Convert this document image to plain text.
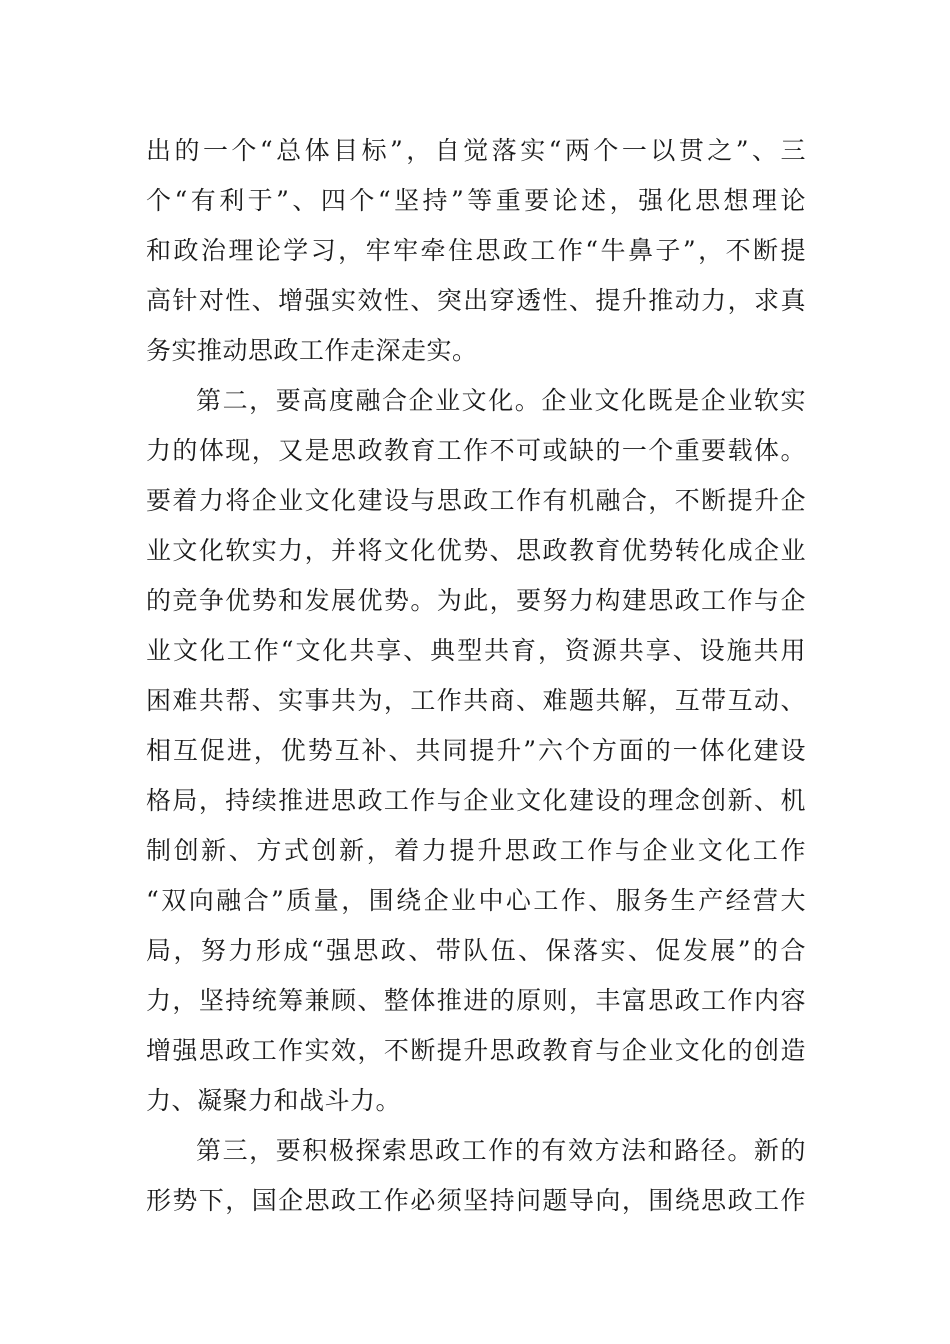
出的一个“总体目标”，自觉落实“两个一以贯之”、三
个“有利于”、四个“坚持”等重要论述，强化思想理论
和政治理论学习，牢牢牵住思政工作“牛鼻子”，不断提
高针对性、增强实效性、突出穿透性、提升推动力，求真
务实推动思政工作走深走实。
第二，要高度融合企业文化。企业文化既是企业软实
力的体现，又是思政教育工作不可或缺的一个重要载体。
要着力将企业文化建设与思政工作有机融合，不断提升企
业文化软实力，并将文化优势、思政教育优势转化成企业
的竞争优势和发展优势。为此，要努力构建思政工作与企
业文化工作“文化共享、典型共育，资源共享、设施共用
困难共帮、实事共为，工作共商、难题共解，互带互动、
相互促进，优势互补、共同提升”六个方面的一体化建设
格局，持续推进思政工作与企业文化建设的理念创新、机
制创新、方式创新，着力提升思政工作与企业文化工作
“双向融合”质量，围绕企业中心工作、服务生产经营大
局，努力形成“强思政、带队伍、保落实、促发展”的合
力，坚持统筹兼顾、整体推进的原则，丰富思政工作内容
增强思政工作实效，不断提升思政教育与企业文化的创造
力、凝聚力和战斗力。
第三，要积极探索思政工作的有效方法和路径。新的
形势下，国企思政工作必须坚持问题导向，围绕思政工作
